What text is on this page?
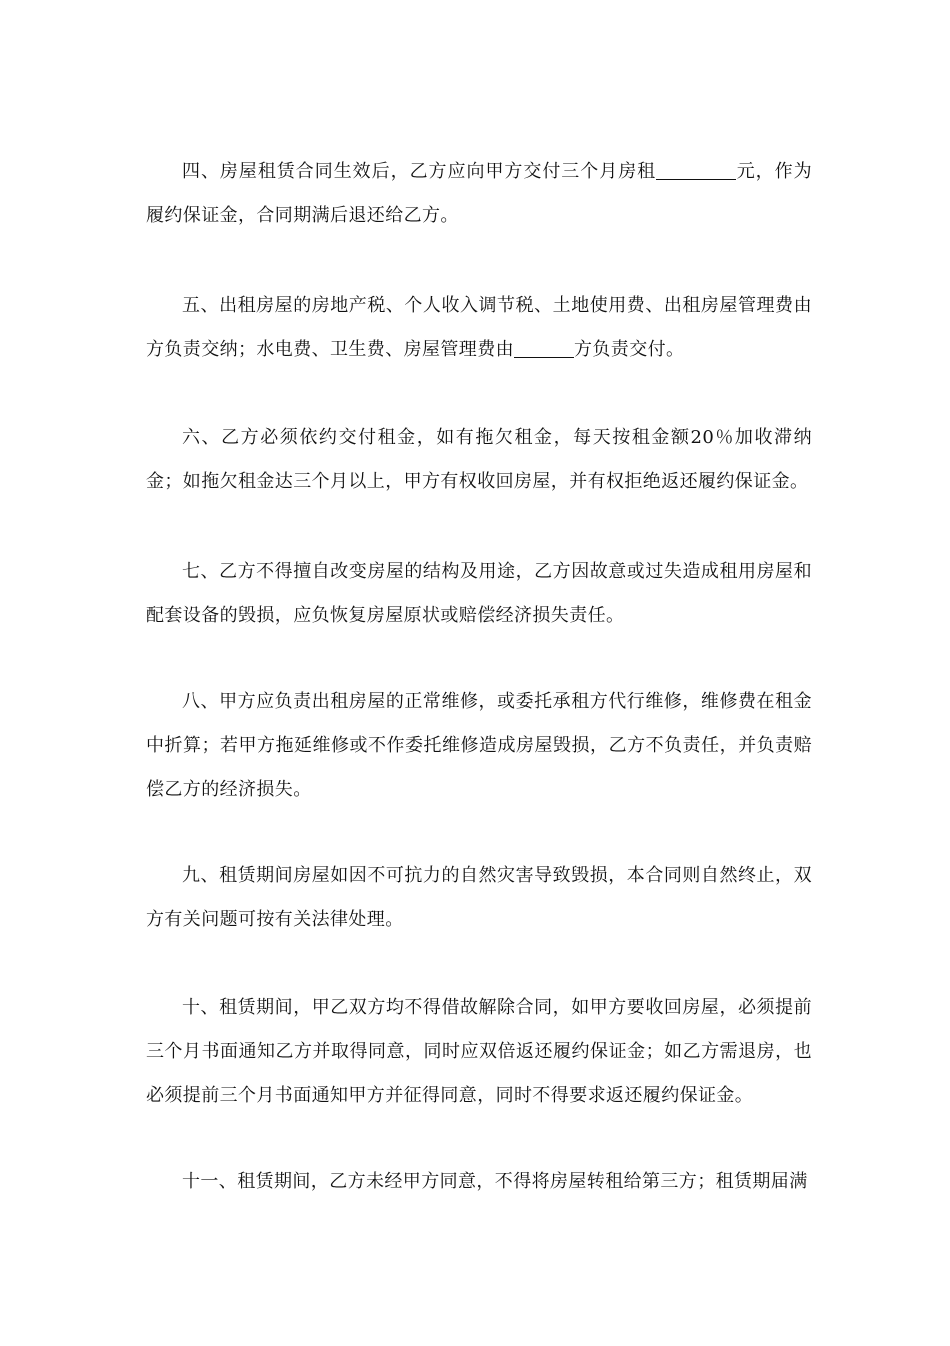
四、房屋租赁合同生效后，乙方应向甲方交付三个月房租	元，作为履约保证金，合同期满后退还给乙方。

五、出租房屋的房地产税、个人收入调节税、土地使用费、出租房屋管理费由方负责交纳；水电费、卫生费、房屋管理费由	方负责交付。

六、乙方必须依约交付租金，如有拖欠租金，每天按租金额20％加收滞纳金；如拖欠租金达三个月以上，甲方有权收回房屋，并有权拒绝返还履约保证金。

七、乙方不得擅自改变房屋的结构及用途，乙方因故意或过失造成租用房屋和配套设备的毁损，应负恢复房屋原状或赔偿经济损失责任。

八、甲方应负责出租房屋的正常维修，或委托承租方代行维修，维修费在租金中折算；若甲方拖延维修或不作委托维修造成房屋毁损，乙方不负责任，并负责赔偿乙方的经济损失。

九、租赁期间房屋如因不可抗力的自然灾害导致毁损，本合同则自然终止，双方有关问题可按有关法律处理。

十、租赁期间，甲乙双方均不得借故解除合同，如甲方要收回房屋，必须提前三个月书面通知乙方并取得同意，同时应双倍返还履约保证金；如乙方需退房，也必须提前三个月书面通知甲方并征得同意，同时不得要求返还履约保证金。

十一、租赁期间，乙方未经甲方同意，不得将房屋转租给第三方；租赁期届满
